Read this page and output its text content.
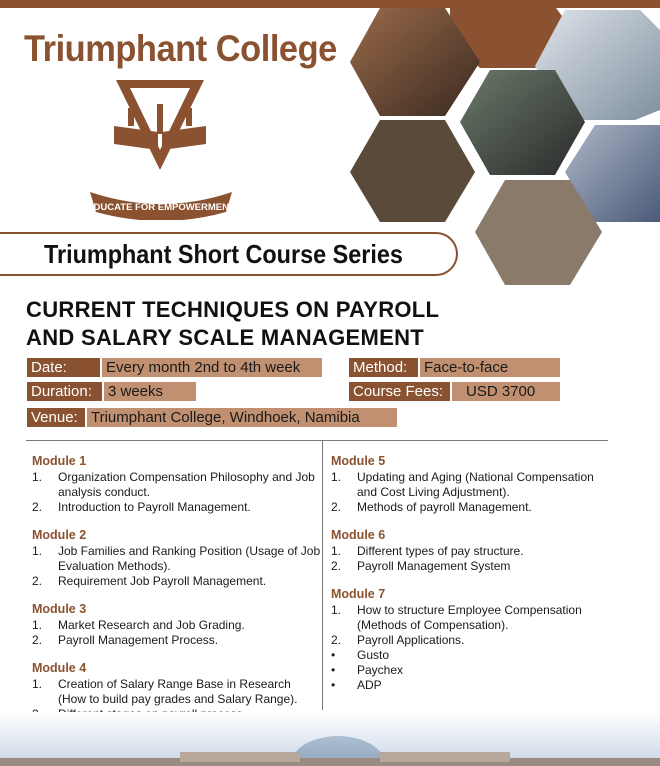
Triumphant College
EDUCATE FOR EMPOWERMENT
Triumphant Short Course Series
CURRENT TECHNIQUES ON PAYROLL
AND SALARY SCALE MANAGEMENT
Date:	Every month 2nd to 4th week	Method:	Face-to-face
Duration:	3 weeks	Course Fees:	USD 3700
Venue: Triumphant College, Windhoek, Namibia
Module 1
1.	Organization Compensation Philosophy and Job analysis conduct.
2.	Introduction to Payroll Management.
Module 2
1.	Job Families and Ranking Position (Usage of Job Evaluation Methods).
2.	Requirement Job Payroll Management.
Module 3
1.	Market Research and Job Grading.
2.	Payroll Management Process.
Module 4
1.	Creation of Salary Range Base in Research (How to build pay grades and Salary Range).
Module 5
1.	Updating and Aging (National Compensation and Cost Living Adjustment).
2.	Methods of payroll Management.
Module 6
1.	Different types of pay structure.
2.	Payroll Management System
Module 7
1.	How to structure Employee Compensation (Methods of Compensation).
2.	Payroll Applications.
•	Gusto
•	Paychex
•	ADP
